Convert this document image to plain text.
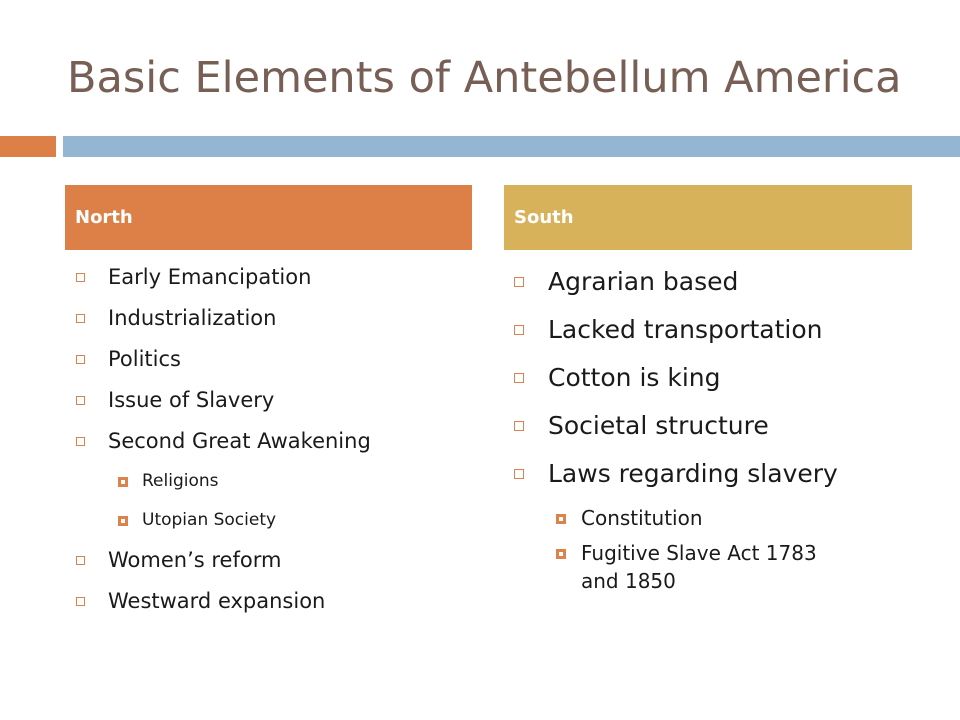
Basic Elements of Antebellum America
North	South
Early Emancipation
Industrialization
Politics
Issue of Slavery
Second Great Awakening
Religions
Utopian Society
Women’s reform
Westward expansion
Agrarian based
Lacked transportation
Cotton is king
Societal structure
Laws regarding slavery
Constitution
Fugitive Slave Act 1783 and 1850
